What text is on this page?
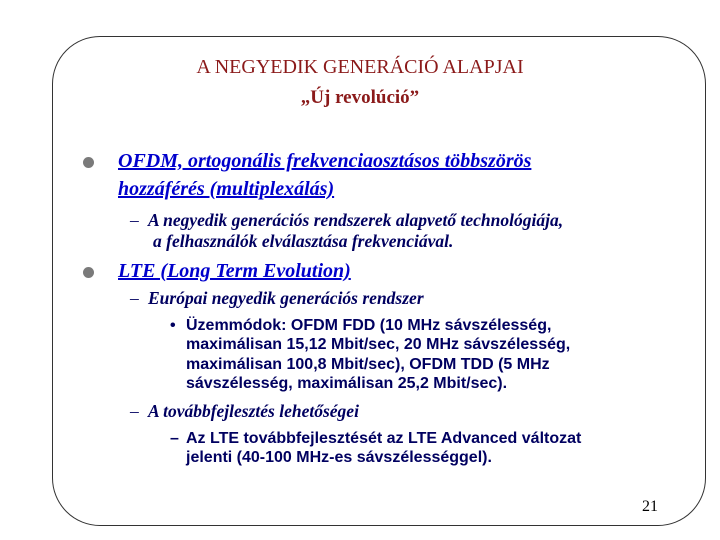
A NEGYEDIK GENERÁCIÓ ALAPJAI
„Új revolúció”
OFDM, ortogonális frekvenciaosztásos többszörös
hozzáférés (multiplexálás)
– A negyedik generációs rendszerek alapvető technológiája,
a felhasználók elválasztása frekvenciával.
LTE (Long Term Evolution)
– Európai negyedik generációs rendszer
• Üzemmódok: OFDM FDD (10 MHz sávszélesség,
maximálisan 15,12 Mbit/sec, 20 MHz sávszélesség,
maximálisan 100,8 Mbit/sec), OFDM TDD (5 MHz
sávszélesség, maximálisan 25,2 Mbit/sec).
– A továbbfejlesztés lehetőségei
– Az LTE továbbfejlesztését az LTE Advanced változat
jelenti (40-100 MHz-es sávszélességgel).
21
